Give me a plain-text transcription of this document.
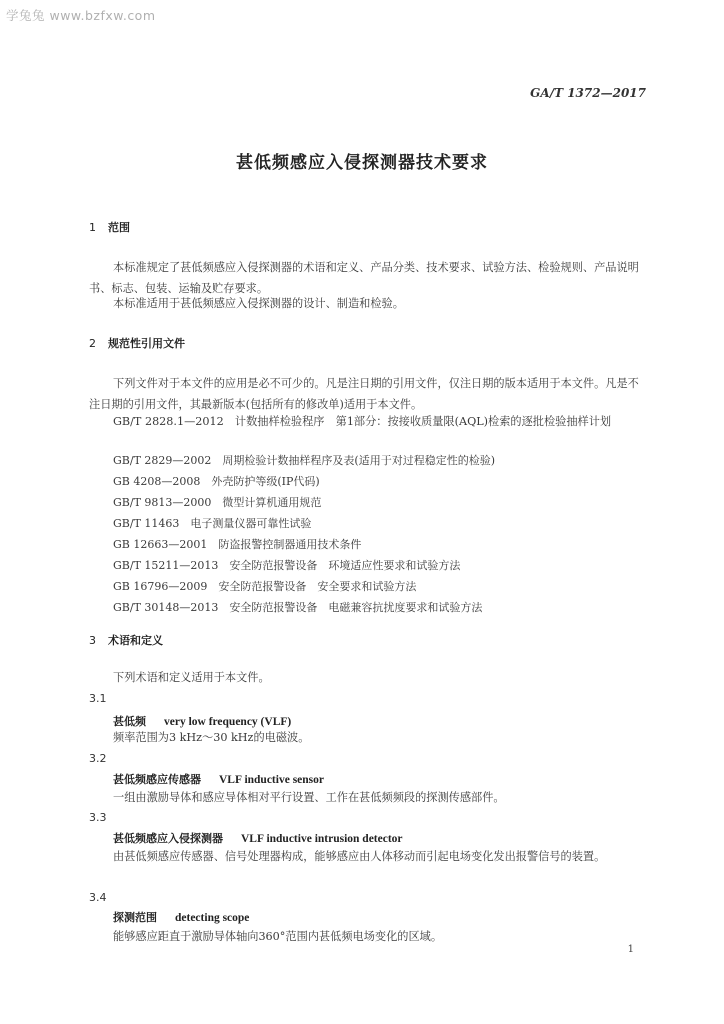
学兔兔 www.bzfxw.com
GA/T 1372—2017
甚低频感应入侵探测器技术要求
1 范围
本标准规定了甚低频感应入侵探测器的术语和定义、产品分类、技术要求、试验方法、检验规则、产品说明书、标志、包装、运输及贮存要求。
本标准适用于甚低频感应入侵探测器的设计、制造和检验。
2 规范性引用文件
下列文件对于本文件的应用是必不可少的。凡是注日期的引用文件，仅注日期的版本适用于本文件。凡是不注日期的引用文件，其最新版本(包括所有的修改单)适用于本文件。
GB/T 2828.1—2012　计数抽样检验程序　第1部分：按接收质量限(AQL)检索的逐批检验抽样计划
GB/T 2829—2002　周期检验计数抽样程序及表(适用于对过程稳定性的检验)
GB 4208—2008　外壳防护等级(IP代码)
GB/T 9813—2000　微型计算机通用规范
GB/T 11463　电子测量仪器可靠性试验
GB 12663—2001　防盗报警控制器通用技术条件
GB/T 15211—2013　安全防范报警设备　环境适应性要求和试验方法
GB 16796—2009　安全防范报警设备　安全要求和试验方法
GB/T 30148—2013　安全防范报警设备　电磁兼容抗扰度要求和试验方法
3 术语和定义
下列术语和定义适用于本文件。
3.1
甚低频 very low frequency (VLF)
频率范围为3 kHz～30 kHz的电磁波。
3.2
甚低频感应传感器 VLF inductive sensor
一组由激励导体和感应导体相对平行设置、工作在甚低频频段的探测传感部件。
3.3
甚低频感应入侵探测器 VLF inductive intrusion detector
由甚低频感应传感器、信号处理器构成，能够感应由人体移动而引起电场变化发出报警信号的装置。
3.4
探测范围 detecting scope
能够感应距直于激励导体轴向360°范围内甚低频电场变化的区域。
1
